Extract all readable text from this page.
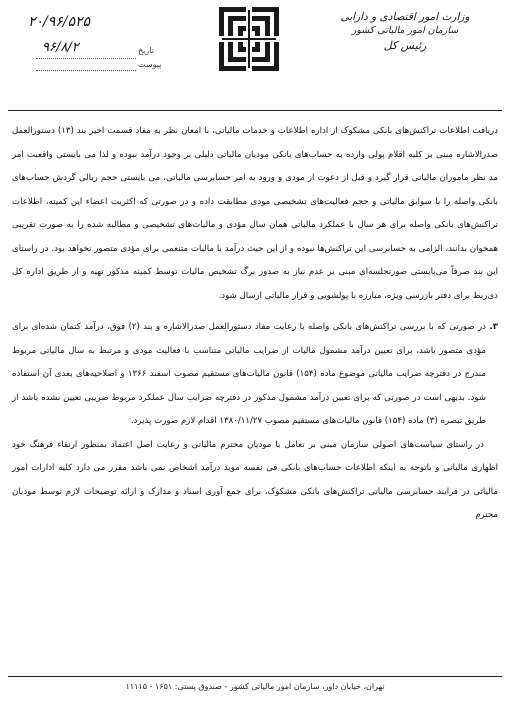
وزارت امور اقتصادی و دارایی
سازمان امور مالیاتی کشور
رئیس کل
۲۰/۹۶/۵۲۵
۹۶/۸/۲	تاریخ
پیوست

دریافت اطلاعات تراکنش‌های بانکی مشکوک از اداره اطلاعات و خدمات مالیاتی، با امعان نظر به مفاد قسمت اخیر بند (۱۳) دستورالعمل صدرالاشاره مبنی بر کلیه اقلام پولی وارده به حساب‌های بانکی مودیان مالیاتی دلیلی بر وجود درآمد نبوده و لذا می بایستی واقعیت امر مد نظر ماموران مالیاتی قرار گیرد و قبل از دعوت از مودی و ورود به امر حسابرسی مالیاتی، می بایستی حجم ریالی گردش حساب‌های بانکی واصله را با سوابق مالیاتی و حجم فعالیت‌های تشخیصی مودی مطابقت داده و در صورتی که اکثریت اعضاء این کمیته، اطلاعات تراکنش‌های بانکی واصله برای هر سال با عملکرد مالیاتی همان سال مؤدی و مالیات‌های تشخیصی و مطالبه شده را به صورت تقریبی همخوان بدانند، الزامی به حسابرسی این تراکنش‌ها نبوده و از این حیث درآمد یا مالیات متنعمی برای مؤدی متصور نخواهد بود. در راستای این بند صرفاً می‌بایستی صورتجلسه‌ای مبنی بر عدم نیاز به صدور برگ تشخیص مالیات توسط کمیته مذکور تهیه و از طریق اداره کل ذی‌ربط برای دفتر بازرسی ویژه، مبارزه با پولشویی و فرار مالیاتی ارسال شود.

۳.
در صورتی که با بررسی تراکنش‌های بانکی واصله با رعایت مفاد دستورالعمل صدرالاشاره و بند (۲) فوق، درآمد کتمان شده‌ای برای مؤدی متصور باشد، برای تعیین درآمد مشمول مالیات از ضرایب مالیاتی متناسب با فعالیت مودی و مرتبط به سال مالیاتی مربوط مندرج در دفترچه ضرایب مالیاتی موضوع ماده (۱۵۴) قانون مالیات‌های مستقیم مصوب اسفند ۱۳۶۶ و اصلاحیه‌های بعدی آن استفاده شود. بدیهی است در صورتی که برای تعیین درآمد مشمول مذکور در دفترچه ضرایب سال عملکرد مربوط ضریبی تعیین نشده باشد از طریق تبصره (۳) ماده (۱۵۴) قانون مالیات‌های مستقیم مصوب ۱۳۸۰/۱۱/۲۷ اقدام لازم صورت پذیرد.

در راستای سیاست‌های اصولی سازمان مبنی بر تعامل با مودیان محترم مالیاتی و رعایت اصل اعتماد بمنظور ارتقاء فرهنگ خود اظهاری مالیاتی و باتوجه به اینکه اطلاعات حساب‌های بانکی فی نفسه موید درآمد اشخاص نمی باشد مقرر می دارد کلیه ادارات امور مالیاتی در فرایند حسابرسی مالیاتی تراکنش‌های بانکی مشکوک، برای جمع آوری اسناد و مدارک و ارائه توضیحات لازم توسط مودیان محترم

تهران، خیابان داور، سازمان امور مالیاتی کشور - صندوق پستی: ۱۶۵۱ - ۱۱۱۱۵
